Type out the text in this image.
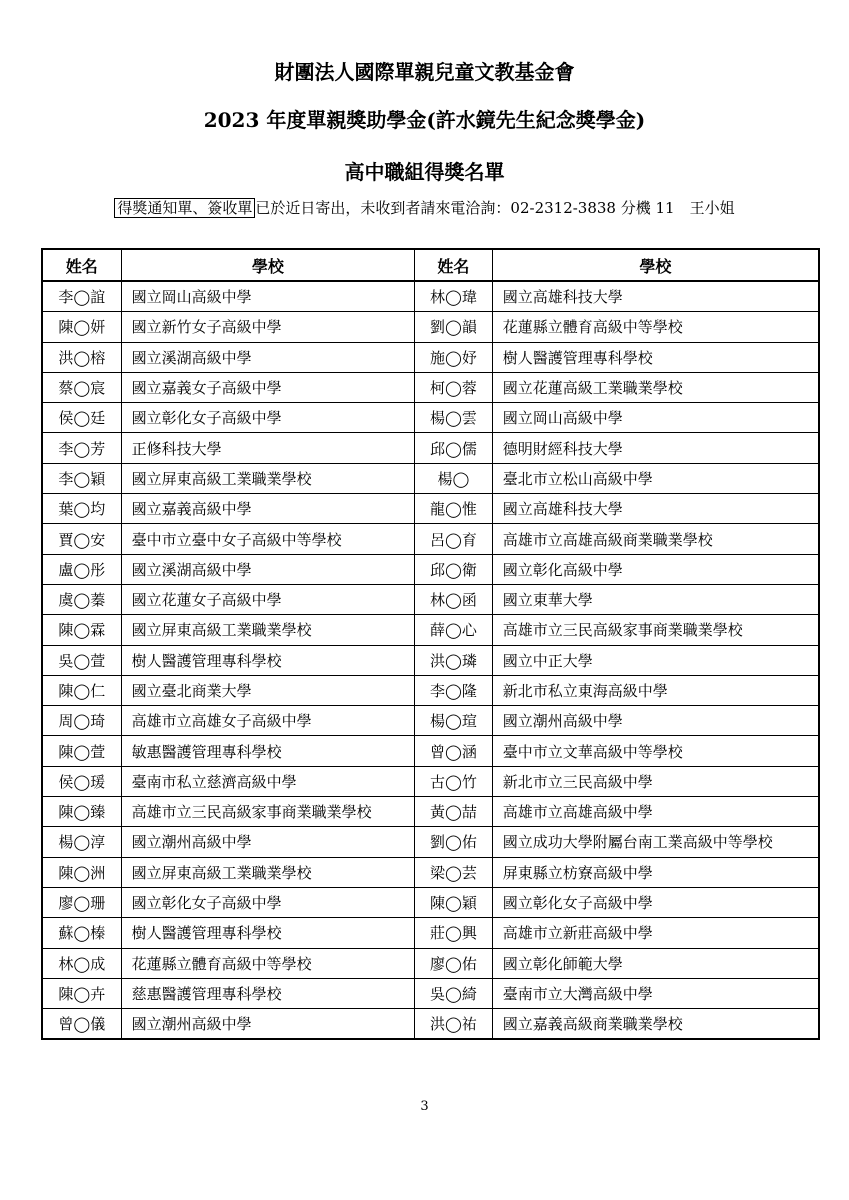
財團法人國際單親兒童文教基金會
2023 年度單親獎助學金(許水鏡先生紀念獎學金)
高中職組得獎名單
得獎通知單、簽收單 已於近日寄出，未收到者請來電洽詢：02-2312-3838 分機 11　王小姐
姓名	學校	姓名	學校
李◯誼	國立岡山高級中學	林◯瑋	國立高雄科技大學
陳◯妍	國立新竹女子高級中學	劉◯韻	花蓮縣立體育高級中等學校
洪◯榕	國立溪湖高級中學	施◯妤	樹人醫護管理專科學校
蔡◯宸	國立嘉義女子高級中學	柯◯蓉	國立花蓮高級工業職業學校
侯◯廷	國立彰化女子高級中學	楊◯雲	國立岡山高級中學
李◯芳	正修科技大學	邱◯儒	德明財經科技大學
李◯穎	國立屏東高級工業職業學校	楊◯	臺北市立松山高級中學
葉◯均	國立嘉義高級中學	龍◯惟	國立高雄科技大學
賈◯安	臺中市立臺中女子高級中等學校	呂◯育	高雄市立高雄高級商業職業學校
盧◯彤	國立溪湖高級中學	邱◯衛	國立彰化高級中學
虞◯蓁	國立花蓮女子高級中學	林◯函	國立東華大學
陳◯霖	國立屏東高級工業職業學校	薛◯心	高雄市立三民高級家事商業職業學校
吳◯萱	樹人醫護管理專科學校	洪◯璘	國立中正大學
陳◯仁	國立臺北商業大學	李◯隆	新北市私立東海高級中學
周◯琦	高雄市立高雄女子高級中學	楊◯瑄	國立潮州高級中學
陳◯萱	敏惠醫護管理專科學校	曾◯涵	臺中市立文華高級中等學校
侯◯瑗	臺南市私立慈濟高級中學	古◯竹	新北市立三民高級中學
陳◯臻	高雄市立三民高級家事商業職業學校	黃◯喆	高雄市立高雄高級中學
楊◯淳	國立潮州高級中學	劉◯佑	國立成功大學附屬台南工業高級中等學校
陳◯洲	國立屏東高級工業職業學校	梁◯芸	屏東縣立枋寮高級中學
廖◯珊	國立彰化女子高級中學	陳◯穎	國立彰化女子高級中學
蘇◯榛	樹人醫護管理專科學校	莊◯興	高雄市立新莊高級中學
林◯成	花蓮縣立體育高級中等學校	廖◯佑	國立彰化師範大學
陳◯卉	慈惠醫護管理專科學校	吳◯綺	臺南市立大灣高級中學
曾◯儀	國立潮州高級中學	洪◯祐	國立嘉義高級商業職業學校
3
